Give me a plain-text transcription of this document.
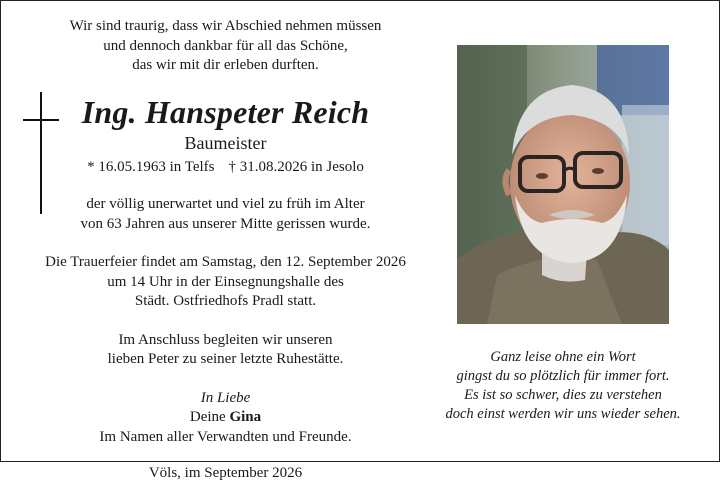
Wir sind traurig, dass wir Abschied nehmen müssen
und dennoch dankbar für all das Schöne,
das wir mit dir erleben durften.

Ing. Hanspeter Reich

Baumeister

* 16.05.1963 in Telfs † 31.08.2026 in Jesolo

der völlig unerwartet und viel zu früh im Alter
von 63 Jahren aus unserer Mitte gerissen wurde.

Die Trauerfeier findet am Samstag, den 12. September 2026
um 14 Uhr in der Einsegnungshalle des
Städt. Ostfriedhofs Pradl statt.

Im Anschluss begleiten wir unseren
lieben Peter zu seiner letzte Ruhestätte.

In Liebe
Deine Gina
Im Namen aller Verwandten und Freunde.

Völs, im September 2026

Ganz leise ohne ein Wort
gingst du so plötzlich für immer fort.
Es ist so schwer, dies zu verstehen
doch einst werden wir uns wieder sehen.
